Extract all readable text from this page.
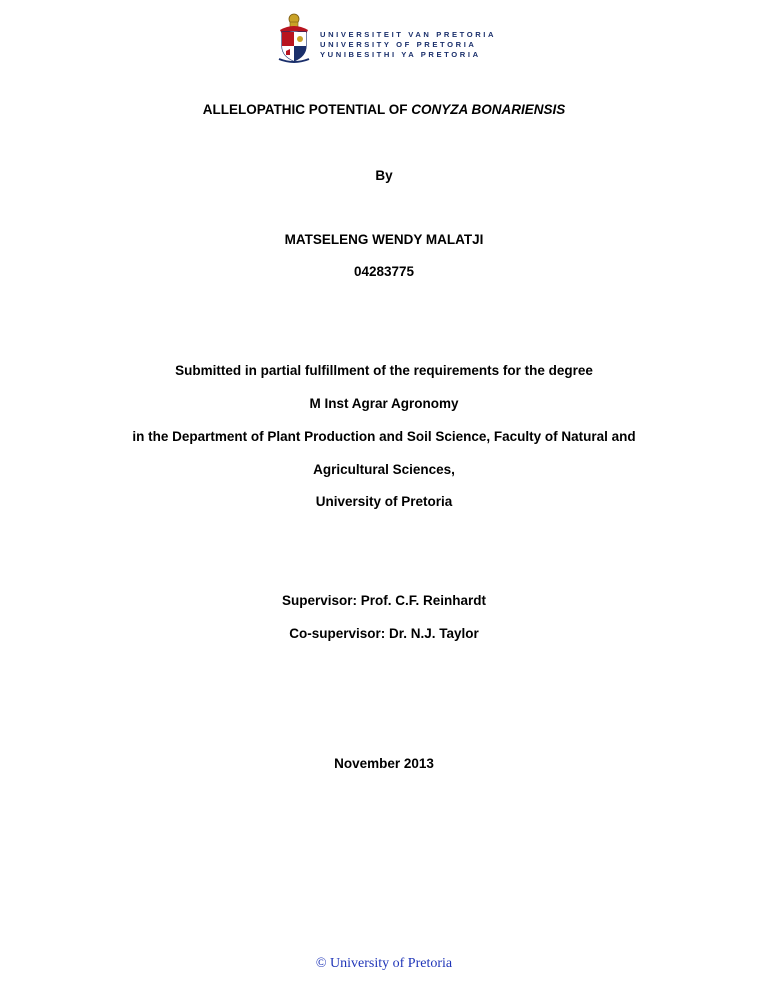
UNIVERSITEIT VAN PRETORIA
UNIVERSITY OF PRETORIA
YUNIBESITHI YA PRETORIA
ALLELOPATHIC POTENTIAL OF CONYZA BONARIENSIS
By
MATSELENG WENDY MALATJI
04283775
Submitted in partial fulfillment of the requirements for the degree
M Inst Agrar Agronomy
in the Department of Plant Production and Soil Science, Faculty of Natural and
Agricultural Sciences,
University of Pretoria
Supervisor: Prof. C.F. Reinhardt
Co-supervisor: Dr. N.J. Taylor
November 2013
© University of Pretoria
